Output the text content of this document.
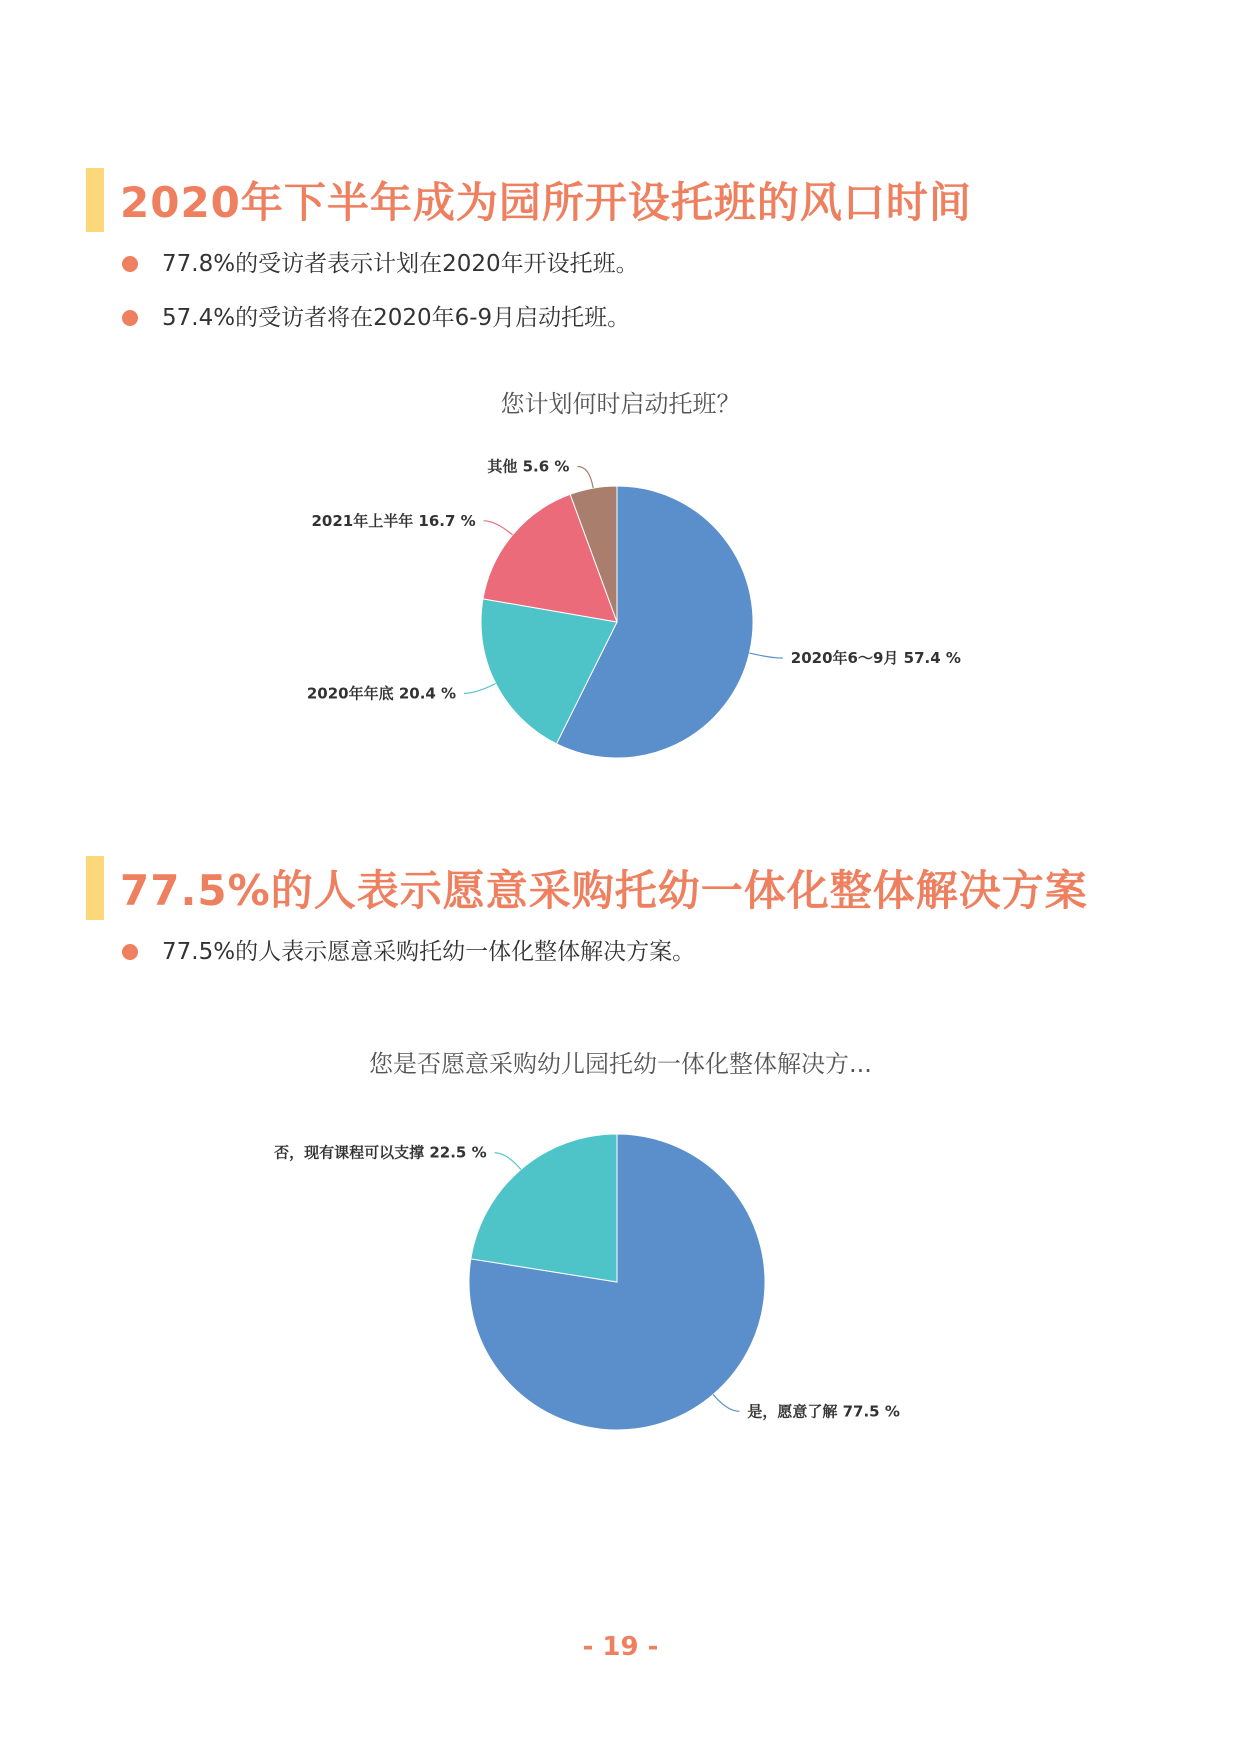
2020年下半年成为园所开设托班的风口时间
77.8%的受访者表示计划在2020年开设托班。
57.4%的受访者将在2020年6-9月启动托班。
您计划何时启动托班？
2020年6～9月 57.4 %
2020年年底 20.4 %
2021年上半年 16.7 %
其他 5.6 %
77.5%的人表示愿意采购托幼一体化整体解决方案
77.5%的人表示愿意采购托幼一体化整体解决方案。
您是否愿意采购幼儿园托幼一体化整体解决方...
是，愿意了解 77.5 %
否，现有课程可以支撑 22.5 %
- 19 -
